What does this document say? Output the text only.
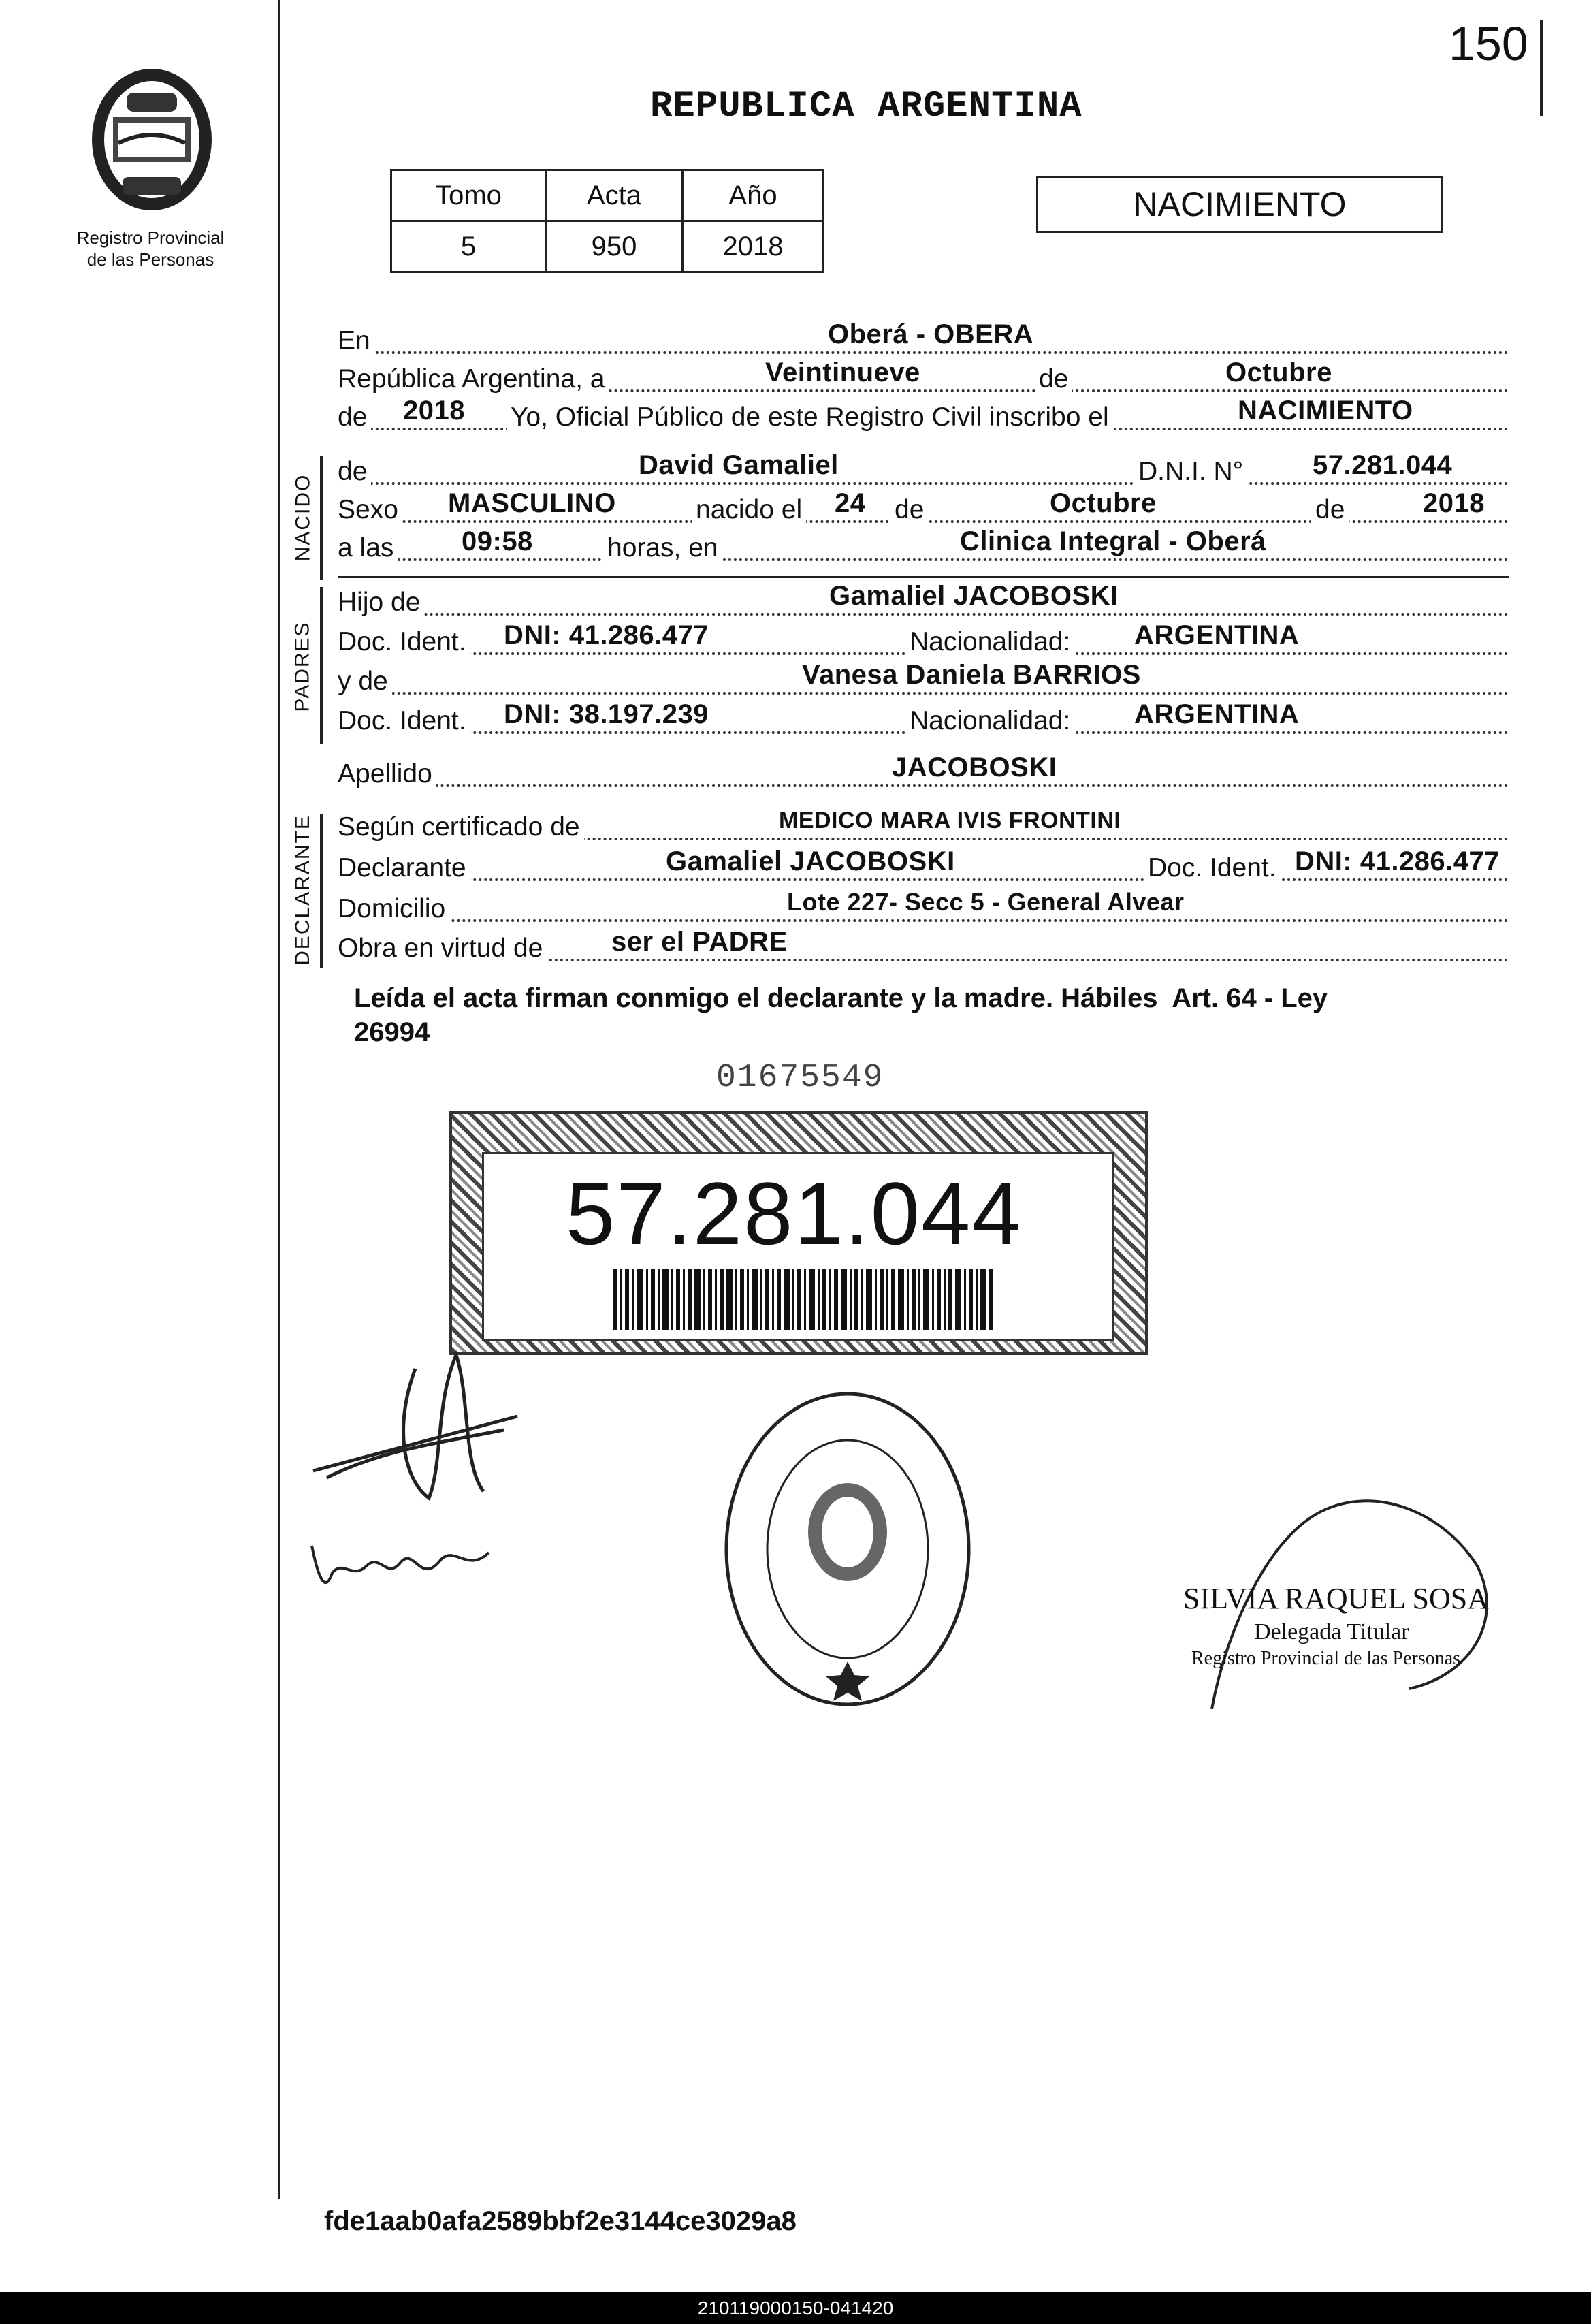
150
Registro Provincial
de las Personas
REPUBLICA ARGENTINA
Tomo	Acta	Año
5	950	2018
NACIMIENTO
En	Oberá - OBERA
República Argentina, a	Veintinueve	de	Octubre
de 2018 Yo, Oficial Público de este Registro Civil inscribo el	NACIMIENTO
NACIDO
de	David Gamaliel	D.N.I. N°	57.281.044
Sexo MASCULINO	nacido el 24 de	Octubre	de	2018
a las 09:58	horas, en	Clinica Integral - Oberá
PADRES
Hijo de	Gamaliel JACOBOSKI
Doc. Ident. DNI: 41.286.477	Nacionalidad: ARGENTINA
y de	Vanesa Daniela BARRIOS
Doc. Ident. DNI: 38.197.239	Nacionalidad: ARGENTINA
Apellido	JACOBOSKI
DECLARANTE Según certificado de	MEDICO MARA IVIS FRONTINI
Declarante	Gamaliel JACOBOSKI	Doc. Ident. DNI: 41.286.477
Domicilio	Lote 227- Secc 5 - General Alvear
Obra en virtud de	ser el PADRE
Leída el acta firman conmigo el declarante y la madre. Hábiles  Art. 64 - Ley
26994
01675549
57.281.044
SILVIA RAQUEL SOSA
Delegada Titular
Registro Provincial de las Personas
fde1aab0afa2589bbf2e3144ce3029a8
210119000150-041420
